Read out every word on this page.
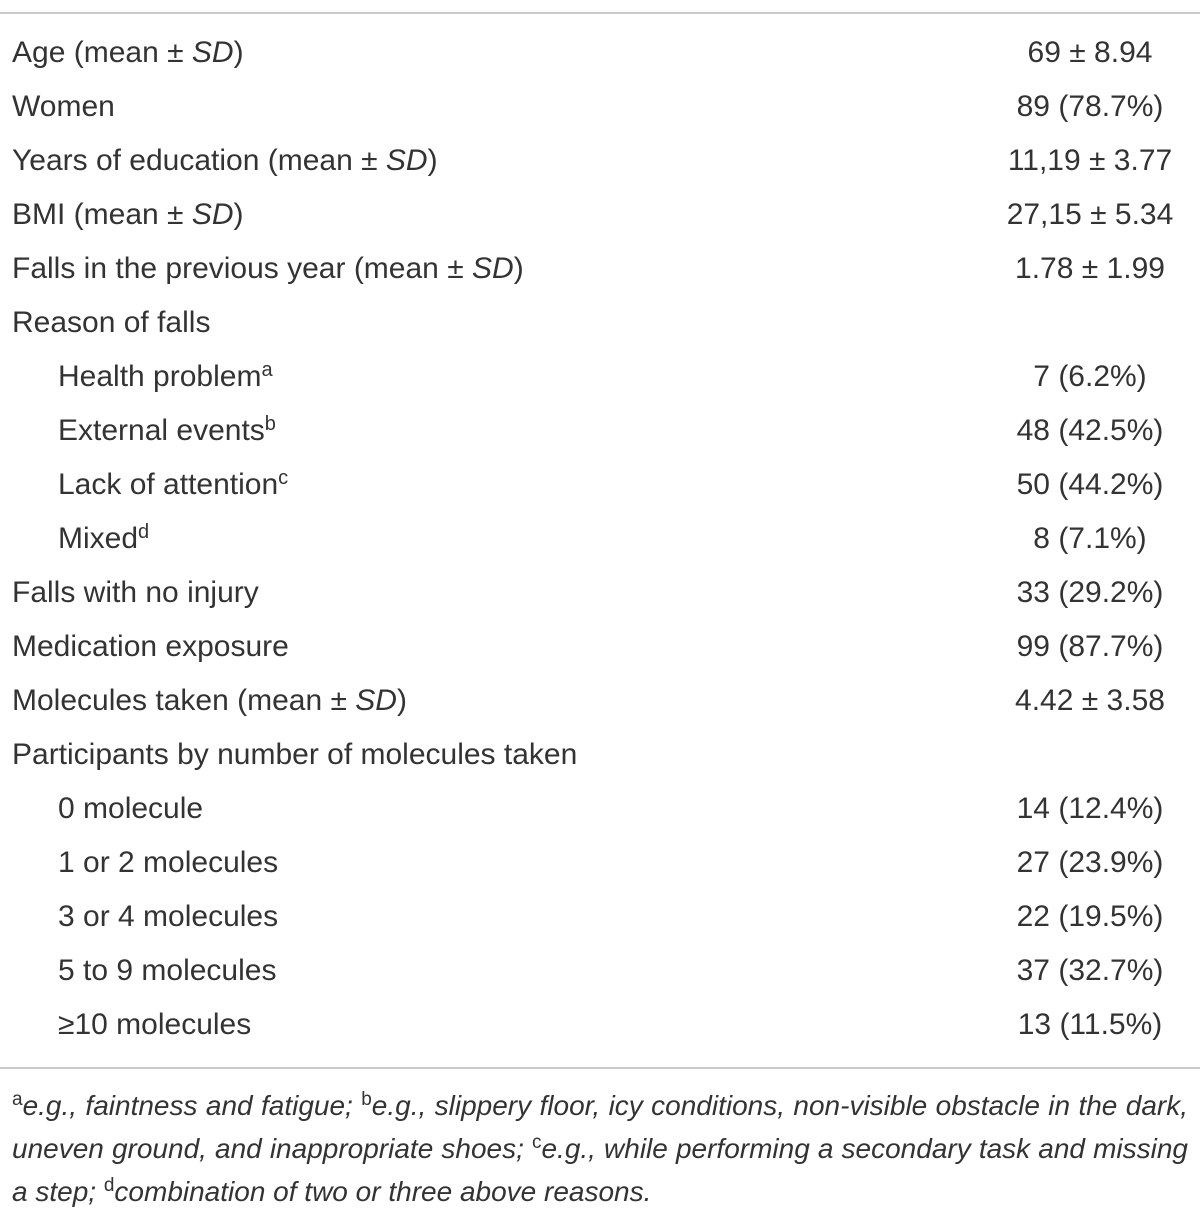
Age (mean ± SD)	69 ± 8.94
Women	89 (78.7%)
Years of education (mean ± SD)	11,19 ± 3.77
BMI (mean ± SD)	27,15 ± 5.34
Falls in the previous year (mean ± SD)	1.78 ± 1.99
Reason of falls
Health problem$^a$	7 (6.2%)
External events$^b$	48 (42.5%)
Lack of attention$^c$	50 (44.2%)
Mixed$^d$	8 (7.1%)
Falls with no injury	33 (29.2%)
Medication exposure	99 (87.7%)
Molecules taken (mean ± SD)	4.42 ± 3.58
Participants by number of molecules taken
0 molecule	14 (12.4%)
1 or 2 molecules	27 (23.9%)
3 or 4 molecules	22 (19.5%)
5 to 9 molecules	37 (32.7%)
≥10 molecules	13 (11.5%)
$^a$e.g., faintness and fatigue; $^b$e.g., slippery floor, icy conditions, non-visible obstacle in the dark, uneven ground, and inappropriate shoes; $^c$e.g., while performing a secondary task and missing a step; $^d$combination of two or three above reasons.
